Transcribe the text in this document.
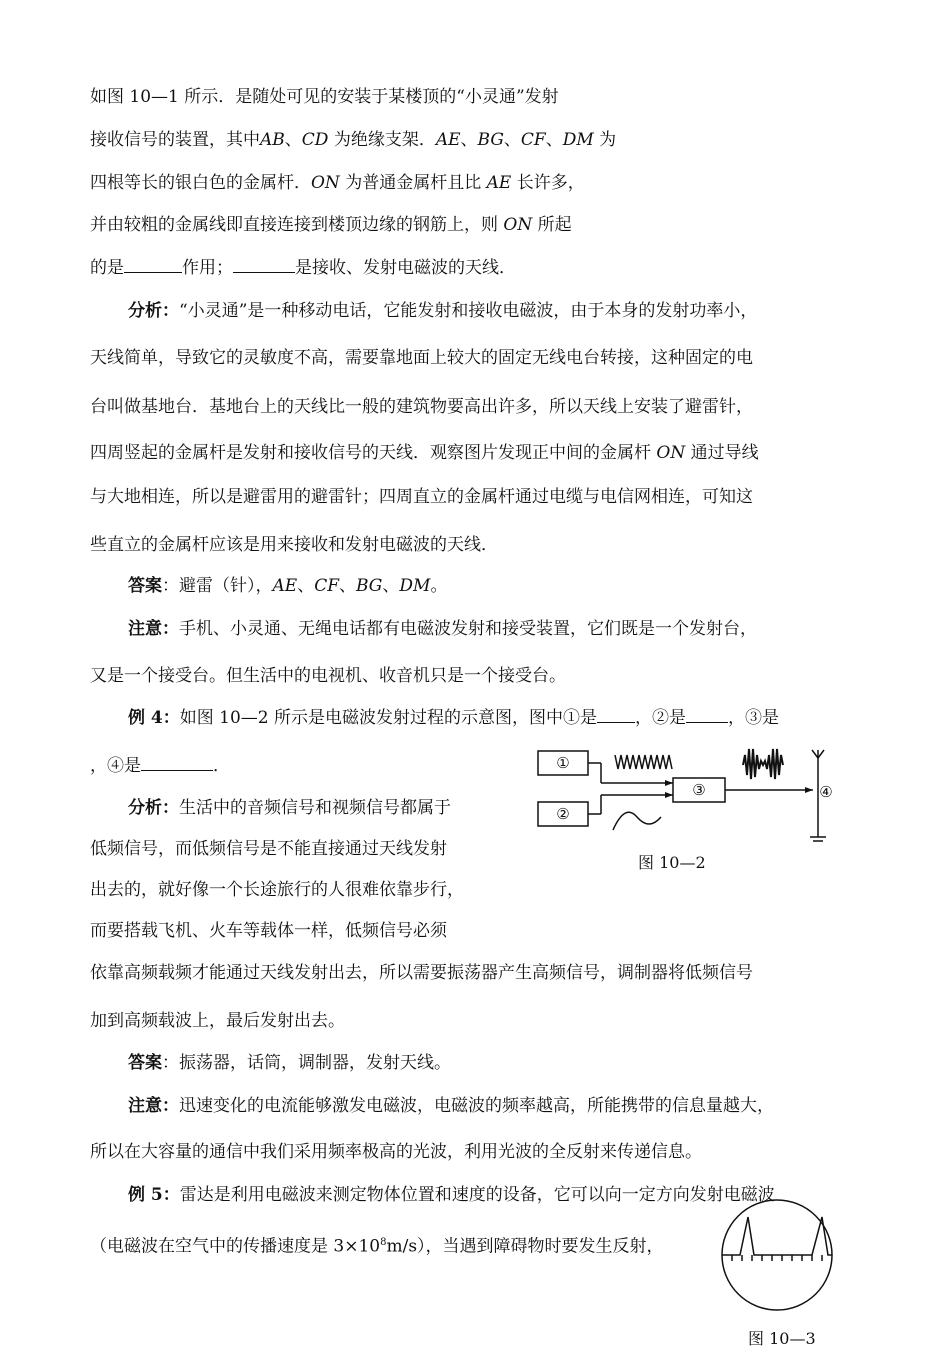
如图 10—1 所示．是随处可见的安装于某楼顶的“小灵通”发射
接收信号的装置，其中AB、CD 为绝缘支架．AE、BG、CF、DM 为
四根等长的银白色的金属杆．ON 为普通金属杆且比 AE 长许多，
并由较粗的金属线即直接连接到楼顶边缘的钢筋上，则 ON 所起
的是	作用；	是接收、发射电磁波的天线．
分析：“小灵通”是一种移动电话，它能发射和接收电磁波，由于本身的发射功率小，
天线简单，导致它的灵敏度不高，需要靠地面上较大的固定无线电台转接，这种固定的电
台叫做基地台．基地台上的天线比一般的建筑物要高出许多，所以天线上安装了避雷针，
四周竖起的金属杆是发射和接收信号的天线．观察图片发现正中间的金属杆 ON 通过导线
与大地相连，所以是避雷用的避雷针；四周直立的金属杆通过电缆与电信网相连，可知这
些直立的金属杆应该是用来接收和发射电磁波的天线．
答案：避雷（针），AE、CF、BG、DM。
注意：手机、小灵通、无绳电话都有电磁波发射和接受装置，它们既是一个发射台，
又是一个接受台。但生活中的电视机、收音机只是一个接受台。
例 4：如图 10—2 所示是电磁波发射过程的示意图，图中①是 ，②是 ，③是
，④是	．
分析：生活中的音频信号和视频信号都属于
低频信号，而低频信号是不能直接通过天线发射
出去的，就好像一个长途旅行的人很难依靠步行，
而要搭载飞机、火车等载体一样，低频信号必须
依靠高频载频才能通过天线发射出去，所以需要振荡器产生高频信号，调制器将低频信号
加到高频载波上，最后发射出去。
答案：振荡器，话筒，调制器，发射天线。
注意：迅速变化的电流能够激发电磁波，电磁波的频率越高，所能携带的信息量越大，
所以在大容量的通信中我们采用频率极高的光波，利用光波的全反射来传递信息。
例 5：雷达是利用电磁波来测定物体位置和速度的设备，它可以向一定方向发射电磁波
（电磁波在空气中的传播速度是 $3\times 10^8m/s$），当遇到障碍物时要发生反射，
①
②
③	④
图 10—2
图 10—3
